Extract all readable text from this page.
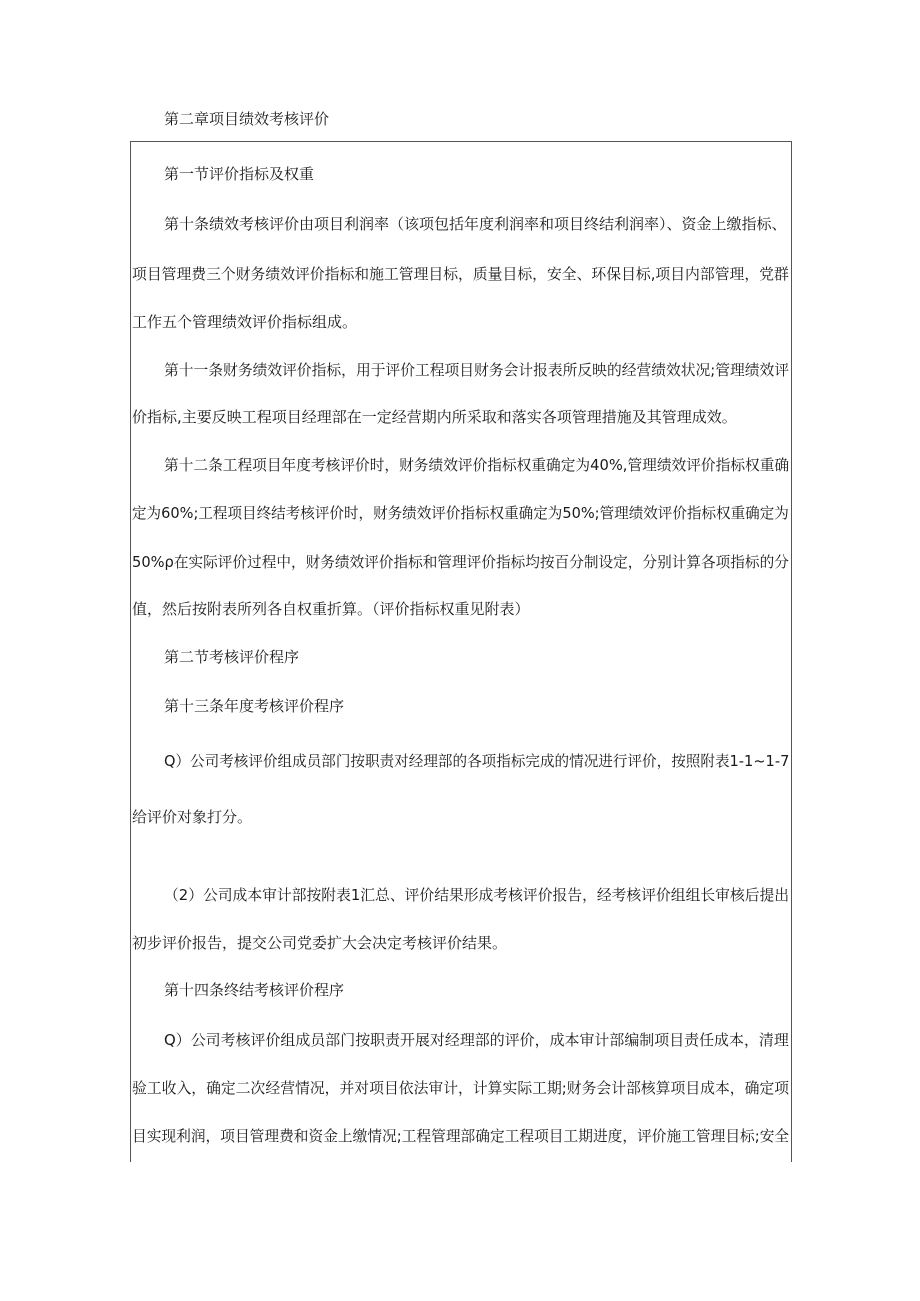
第二章项目绩效考核评价
第一节评价指标及权重
第十条绩效考核评价由项目利润率（该项包括年度利润率和项目终结利润率）、资金上缴指标、
项目管理费三个财务绩效评价指标和施工管理目标，质量目标，安全、环保目标,项目内部管理，党群
工作五个管理绩效评价指标组成。
第十一条财务绩效评价指标，用于评价工程项目财务会计报表所反映的经营绩效状况;管理绩效评
价指标,主要反映工程项目经理部在一定经营期内所采取和落实各项管理措施及其管理成效。
第十二条工程项目年度考核评价时，财务绩效评价指标权重确定为40%,管理绩效评价指标权重确
定为60%;工程项目终结考核评价时，财务绩效评价指标权重确定为50%;管理绩效评价指标权重确定为
50%ρ在实际评价过程中，财务绩效评价指标和管理评价指标均按百分制设定，分别计算各项指标的分
值，然后按附表所列各自权重折算。（评价指标权重见附表）
第二节考核评价程序
第十三条年度考核评价程序
Q）公司考核评价组成员部门按职责对经理部的各项指标完成的情况进行评价，按照附表1-1~1-7
给评价对象打分。
（2）公司成本审计部按附表1汇总、评价结果形成考核评价报告，经考核评价组组长审核后提出
初步评价报告，提交公司党委扩大会决定考核评价结果。
第十四条终结考核评价程序
Q）公司考核评价组成员部门按职责开展对经理部的评价，成本审计部编制项目责任成本，清理
验工收入，确定二次经营情况，并对项目依法审计，计算实际工期;财务会计部核算项目成本，确定项
目实现利润，项目管理费和资金上缴情况;工程管理部确定工程项目工期进度，评价施工管理目标;安全
